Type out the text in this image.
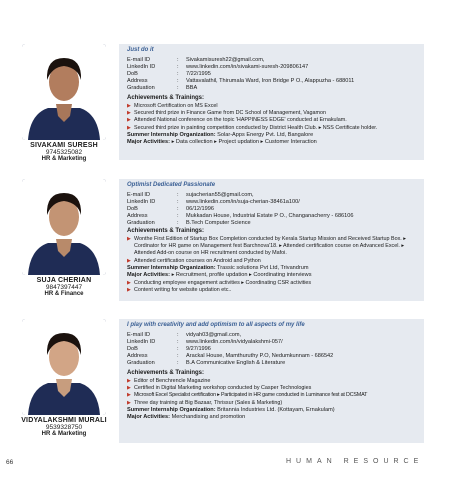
SIVAKAMI SURESH
9745325082
HR & Marketing
Just do it
E-mail ID	: Sivakamisuresh22@gmail.com,
LinkedIn ID	: www.linkedin.com/in/sivakami-suresh-209806147
DoB	: 7/22/1995
Address	: Vattavalathil, Thirumala Ward, Iron Bridge P O., Alappuzha - 688011
Graduation	: BBA
Achievements & Trainings:
▶ Microsoft Certification on MS Excel
▶ Secured third prize in Finance Game from DC School of Management, Vagamon
▶ Attended National conference on the topic 'HAPPINESS EDGE' conducted at Ernakulam.
▶ Secured third prize in painting competition conducted by District Health Club. ▸ NSS Certificate holder.
Summer Internship Organization: Solar-Apps Energy Pvt. Ltd, Bangalore
Major Activities: ▸ Data collection ▸ Project updation ▸ Customer Interaction
SUJA CHERIAN
9847397447
HR & Finance
Optimist Dedicated Passionate
E-mail ID	: sujacherian55@gmail.com,
LinkedIn ID	: www.linkedin.com/in/suja-cherian-38461a100/
DoB	: 06/12/1996
Address	: Mukkadan House, Industrial Estate P O., Changanacherry - 686106
Graduation	: B.Tech Computer Science
Achievements & Trainings:
▶ Wonthe First Edition of Startup Box Completion conducted by Kerala Startup Mission and Received Startup Box. ▸ Cordinator for HR game on Management fest Barchnova'18. ▸ Attended certification course on Advanced Excel. ▸ Attended Add-on course on HR recruitment conducted by Mafoi.
▶ Attended certification courses on Android and Python
Summer Internship Organization: Trassic solutions Pvt Ltd, Trivandrum
Major Activities: ▸ Recruitment, profile updation ▸ Coordinating interviews
▶ Conducting employee engagement activities ▸ Coordinating CSR activities
▶ Content writing for website updation etc..
VIDYALAKSHMI MURALI
9539328750
HR & Marketing
I play with creativity and add optimism to all aspects of my life
E-mail ID	: vidyah03@gmail.com,
LinkedIn ID	: www.linkedin.com/in/vidyalakshmi-057/
DoB	: 9/27/1996
Address	: Arackal House, Mamthuruthy P.O, Nedumkunnam - 686542
Graduation	: B.A Communicative English & Literature
Achievements & Trainings:
▶ Editor of Benchrencle Magazine
▶ Certified in Digital Marketing workshop conducted by Casper Technologies
▶ Microsoft Excel Specialist certification ▸ Participated in HR game conducted in Luminance fest at DCSMAT
▶ Three day training at Big Bazaar, Thrissur (Sales & Marketing)
Summer Internship Organization: Britannia Industries Ltd. (Kottayam, Ernakulam)
Major Activities: Merchandising and promotion
66	HUMAN RESOURCE
